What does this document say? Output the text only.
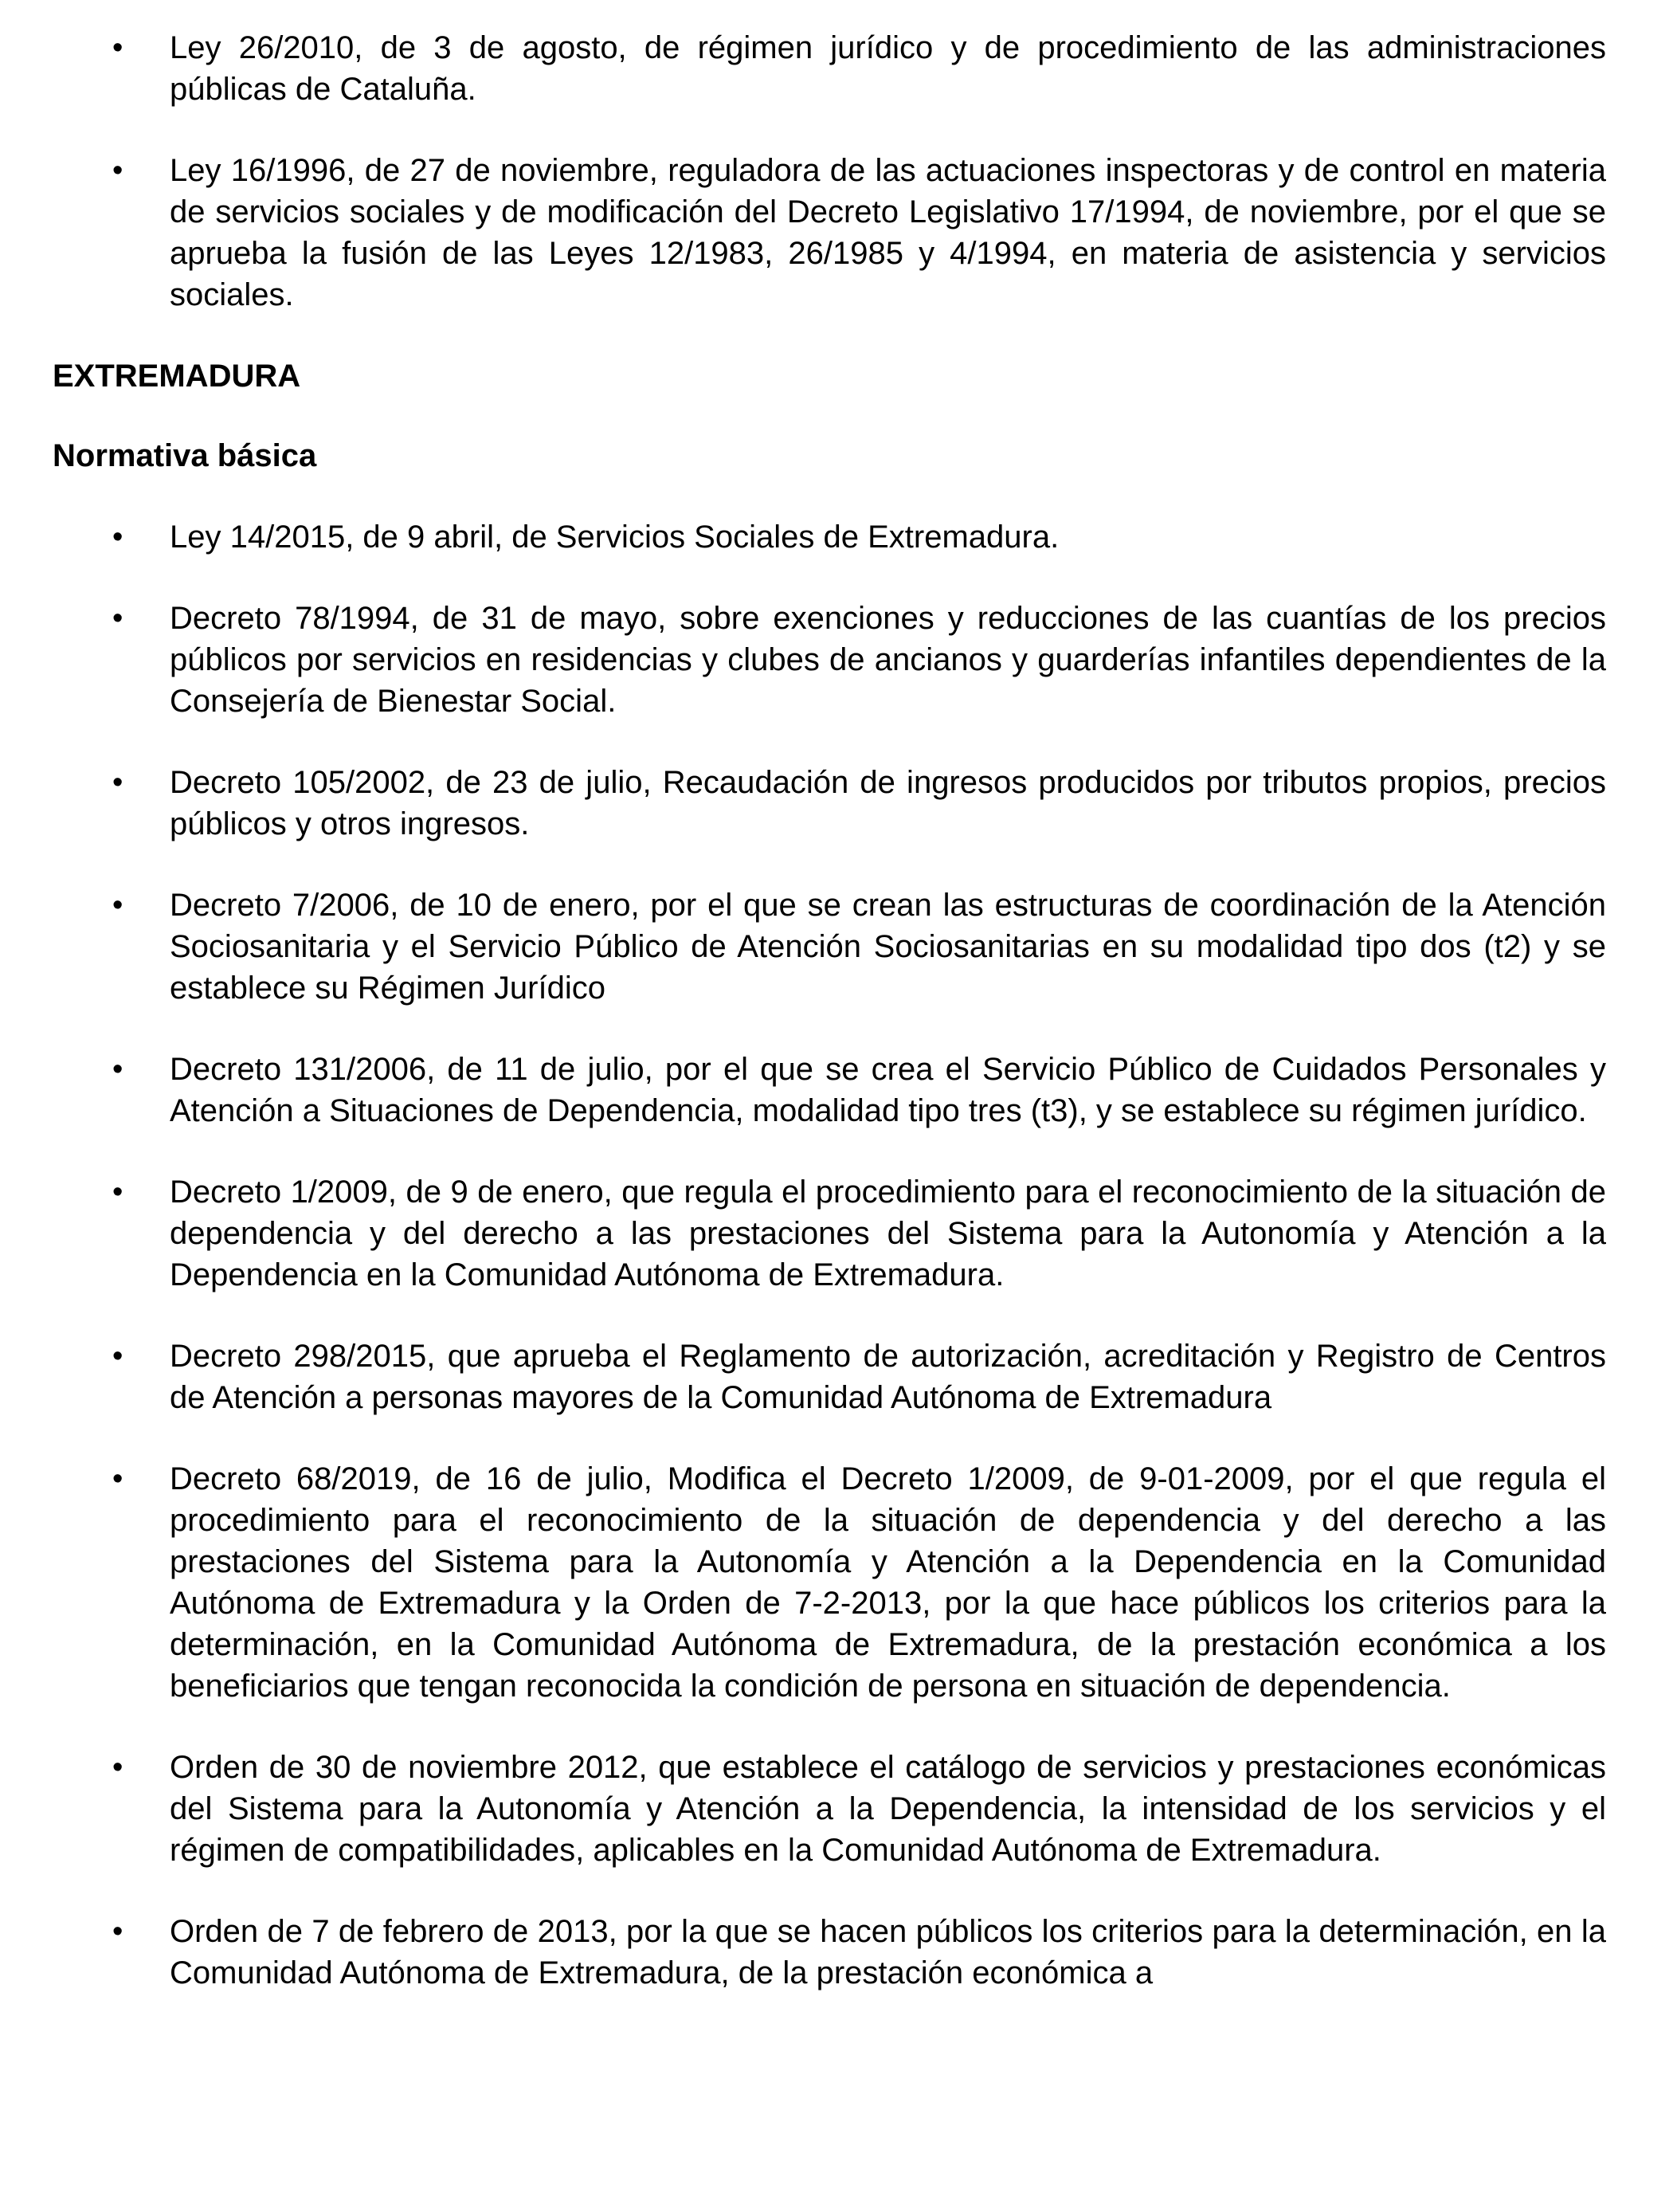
•	Ley 26/2010, de 3 de agosto, de régimen jurídico y de procedimiento de las administraciones públicas de Cataluña.
•	Ley 16/1996, de 27 de noviembre, reguladora de las actuaciones inspectoras y de control en materia de servicios sociales y de modificación del Decreto Legislativo 17/1994, de noviembre, por el que se aprueba la fusión de las Leyes 12/1983, 26/1985 y 4/1994, en materia de asistencia y servicios sociales.
EXTREMADURA
Normativa básica
•	Ley 14/2015, de 9 abril, de Servicios Sociales de Extremadura.
•	Decreto 78/1994, de 31 de mayo, sobre exenciones y reducciones de las cuantías de los precios públicos por servicios en residencias y clubes de ancianos y guarderías infantiles dependientes de la Consejería de Bienestar Social.
•	Decreto 105/2002, de 23 de julio, Recaudación de ingresos producidos por tributos propios, precios públicos y otros ingresos.
•	Decreto 7/2006, de 10 de enero, por el que se crean las estructuras de coordinación de la Atención Sociosanitaria y el Servicio Público de Atención Sociosanitarias en su modalidad tipo dos (t2) y se establece su Régimen Jurídico
•	Decreto 131/2006, de 11 de julio, por el que se crea el Servicio Público de Cuidados Personales y Atención a Situaciones de Dependencia, modalidad tipo tres (t3), y se establece su régimen jurídico.
•	Decreto 1/2009, de 9 de enero, que regula el procedimiento para el reconocimiento de la situación de dependencia y del derecho a las prestaciones del Sistema para la Autonomía y Atención a la Dependencia en la Comunidad Autónoma de Extremadura.
•	Decreto 298/2015, que aprueba el Reglamento de autorización, acreditación y Registro de Centros de Atención a personas mayores de la Comunidad Autónoma de Extremadura
•	Decreto 68/2019, de 16 de julio, Modifica el Decreto 1/2009, de 9-01-2009, por el que regula el procedimiento para el reconocimiento de la situación de dependencia y del derecho a las prestaciones del Sistema para la Autonomía y Atención a la Dependencia en la Comunidad Autónoma de Extremadura y la Orden de 7-2-2013, por la que hace públicos los criterios para la determinación, en la Comunidad Autónoma de Extremadura, de la prestación económica a los beneficiarios que tengan reconocida la condición de persona en situación de dependencia.
•	Orden de 30 de noviembre 2012, que establece el catálogo de servicios y prestaciones económicas del Sistema para la Autonomía y Atención a la Dependencia, la intensidad de los servicios y el régimen de compatibilidades, aplicables en la Comunidad Autónoma de Extremadura.
•	Orden de 7 de febrero de 2013, por la que se hacen públicos los criterios para la determinación, en la Comunidad Autónoma de Extremadura, de la prestación económica a
